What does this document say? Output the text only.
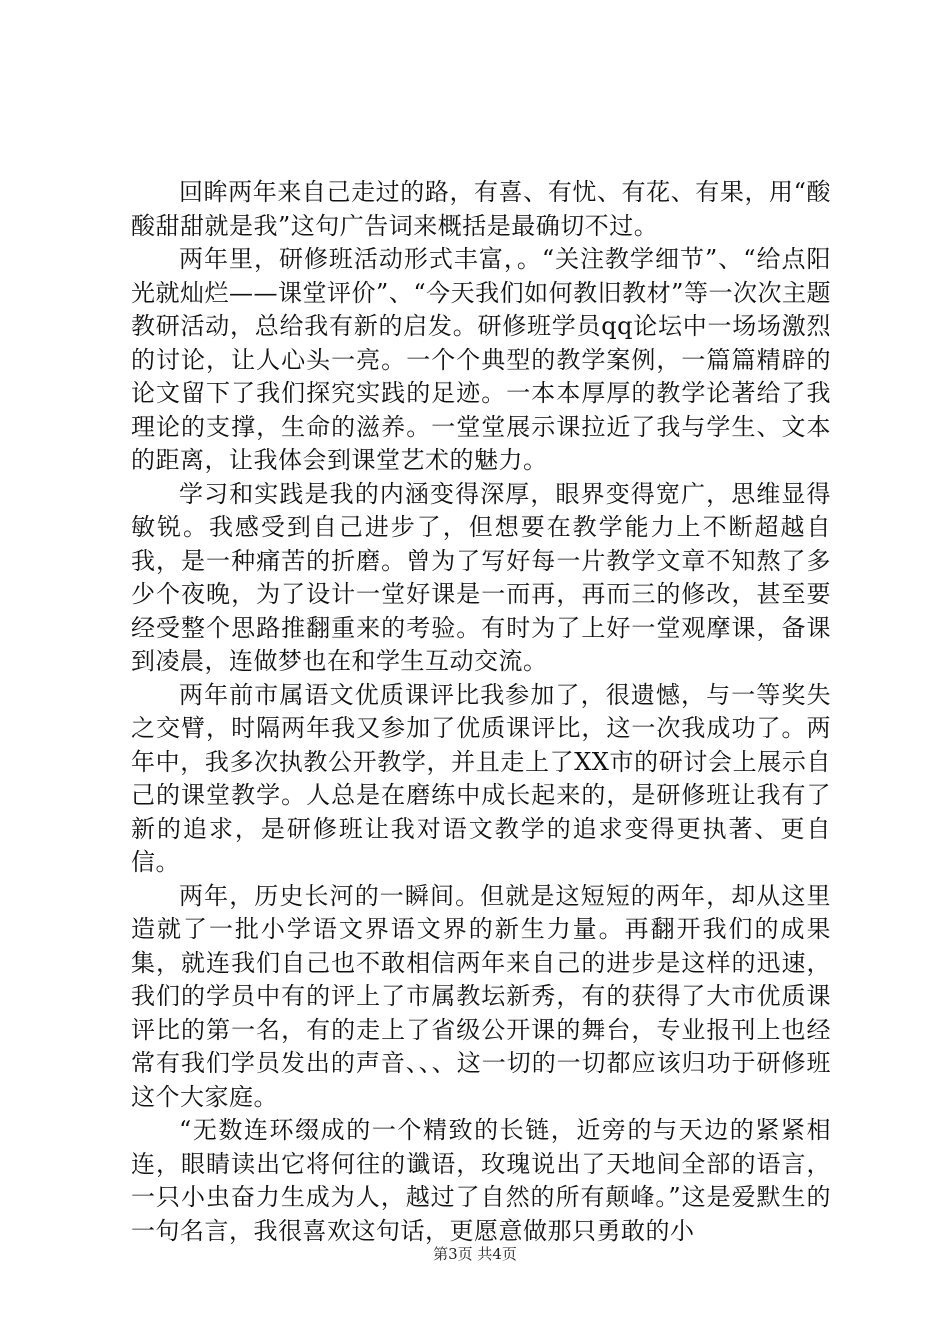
回眸两年来自己走过的路，有喜、有忧、有花、有果，用“酸酸甜甜就是我”这句广告词来概括是最确切不过。

两年里，研修班活动形式丰富，。“关注教学细节”、“给点阳光就灿烂——课堂评价”、“今天我们如何教旧教材”等一次次主题教研活动，总给我有新的启发。研修班学员qq论坛中一场场激烈的讨论，让人心头一亮。一个个典型的教学案例，一篇篇精辟的论文留下了我们探究实践的足迹。一本本厚厚的教学论著给了我理论的支撑，生命的滋养。一堂堂展示课拉近了我与学生、文本的距离，让我体会到课堂艺术的魅力。

学习和实践是我的内涵变得深厚，眼界变得宽广，思维显得敏锐。我感受到自己进步了，但想要在教学能力上不断超越自我，是一种痛苦的折磨。曾为了写好每一片教学文章不知熬了多少个夜晚，为了设计一堂好课是一而再，再而三的修改，甚至要经受整个思路推翻重来的考验。有时为了上好一堂观摩课，备课到凌晨，连做梦也在和学生互动交流。

两年前市属语文优质课评比我参加了，很遗憾，与一等奖失之交臂，时隔两年我又参加了优质课评比，这一次我成功了。两年中，我多次执教公开教学，并且走上了XX市的研讨会上展示自己的课堂教学。人总是在磨练中成长起来的，是研修班让我有了新的追求，是研修班让我对语文教学的追求变得更执著、更自信。

两年，历史长河的一瞬间。但就是这短短的两年，却从这里造就了一批小学语文界语文界的新生力量。再翻开我们的成果集，就连我们自己也不敢相信两年来自己的进步是这样的迅速，我们的学员中有的评上了市属教坛新秀，有的获得了大市优质课评比的第一名，有的走上了省级公开课的舞台，专业报刊上也经常有我们学员发出的声音、、、这一切的一切都应该归功于研修班这个大家庭。

“无数连环缀成的一个精致的长链，近旁的与天边的紧紧相连，眼睛读出它将何往的谶语，玫瑰说出了天地间全部的语言，一只小虫奋力生成为人，越过了自然的所有颠峰。”这是爱默生的一句名言，我很喜欢这句话，更愿意做那只勇敢的小

第3页 共4页
